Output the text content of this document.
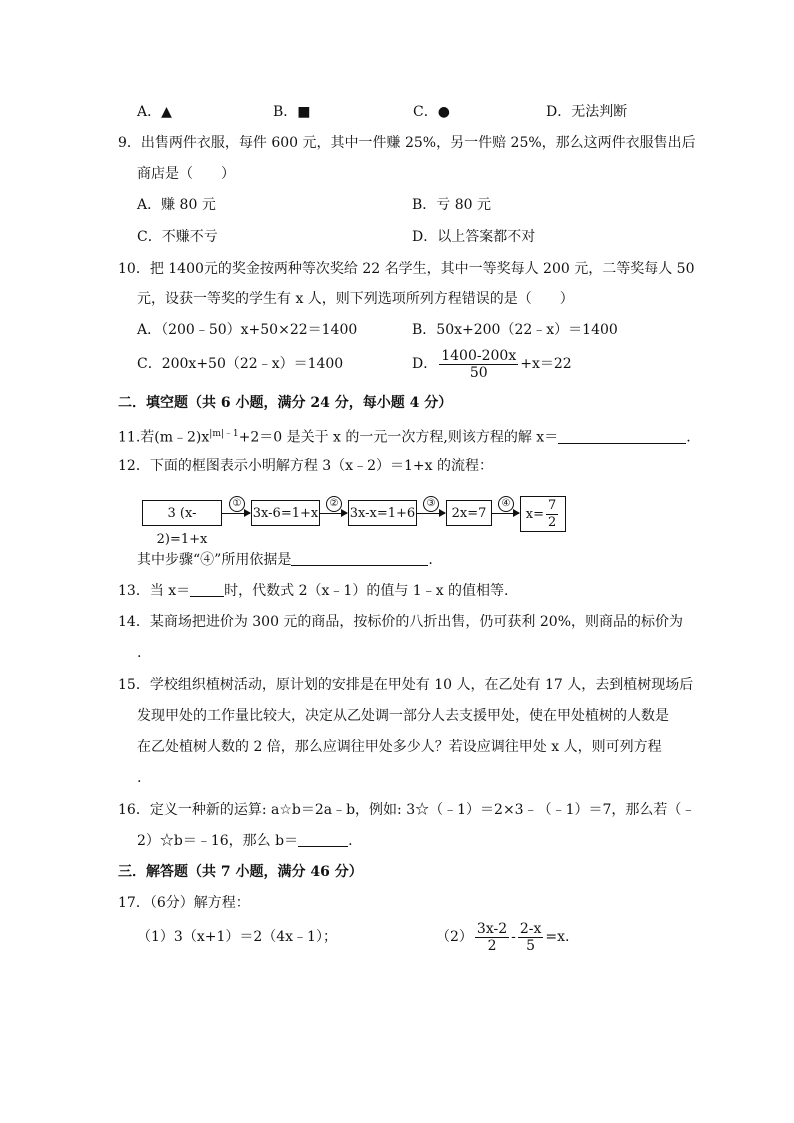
A．▲	B．■	C．●	D．无法判断
9．出售两件衣服，每件 600 元，其中一件赚 25%，另一件赔 25%，那么这两件衣服售出后
商店是（　　）
A．赚 80 元	B．亏 80 元
C．不赚不亏	D．以上答案都不对
10．把 1400元的奖金按两种等次奖给 22 名学生，其中一等奖每人 200 元，二等奖每人 50
元，设获一等奖的学生有 x 人，则下列选项所列方程错误的是（　　）
A．（200﹣50）x+50×22＝1400	B．50x+200（22﹣x）＝1400
C．200x+50（22﹣x）＝1400	D． $\frac{1400-200x}{50} +x=22$
二．填空题（共 6 小题，满分 24 分，每小题 4 分）
11.若$(m﹣2)x^{|m|﹣1}+2=0$ 是关于 x 的一元一次方程,则该方程的解 x＝	.
12．下面的框图表示小明解方程 3（x﹣2）＝1+x 的流程：
3 (x-2)=1+x
①
3x-6=1+x
②
3x-x=1+6
③
2x=7
④
$x= \frac{7}{2}$
其中步骤“④”所用依据是	.
13．当 x＝ 时，代数式 2（x﹣1）的值与 1﹣x 的值相等.
14．某商场把进价为 300 元的商品，按标价的八折出售，仍可获利 20%，则商品的标价为
.
15．学校组织植树活动，原计划的安排是在甲处有 10 人，在乙处有 17 人，去到植树现场后
发现甲处的工作量比较大，决定从乙处调一部分人去支援甲处，使在甲处植树的人数是
在乙处植树人数的 2 倍，那么应调往甲处多少人？若设应调往甲处 x 人，则可列方程
.
16．定义一种新的运算: a☆b＝2a﹣b，例如: 3☆（﹣1）＝2×3﹣（﹣1）＝7，那么若（﹣
2）☆b＝﹣16，那么 b＝	.
三．解答题（共 7 小题，满分 46 分）
17．（6分）解方程：
（1）3（x+1）＝2（4x﹣1）；	$(2) \frac{3x-2}{2} - \frac{2-x}{5} =x$.
